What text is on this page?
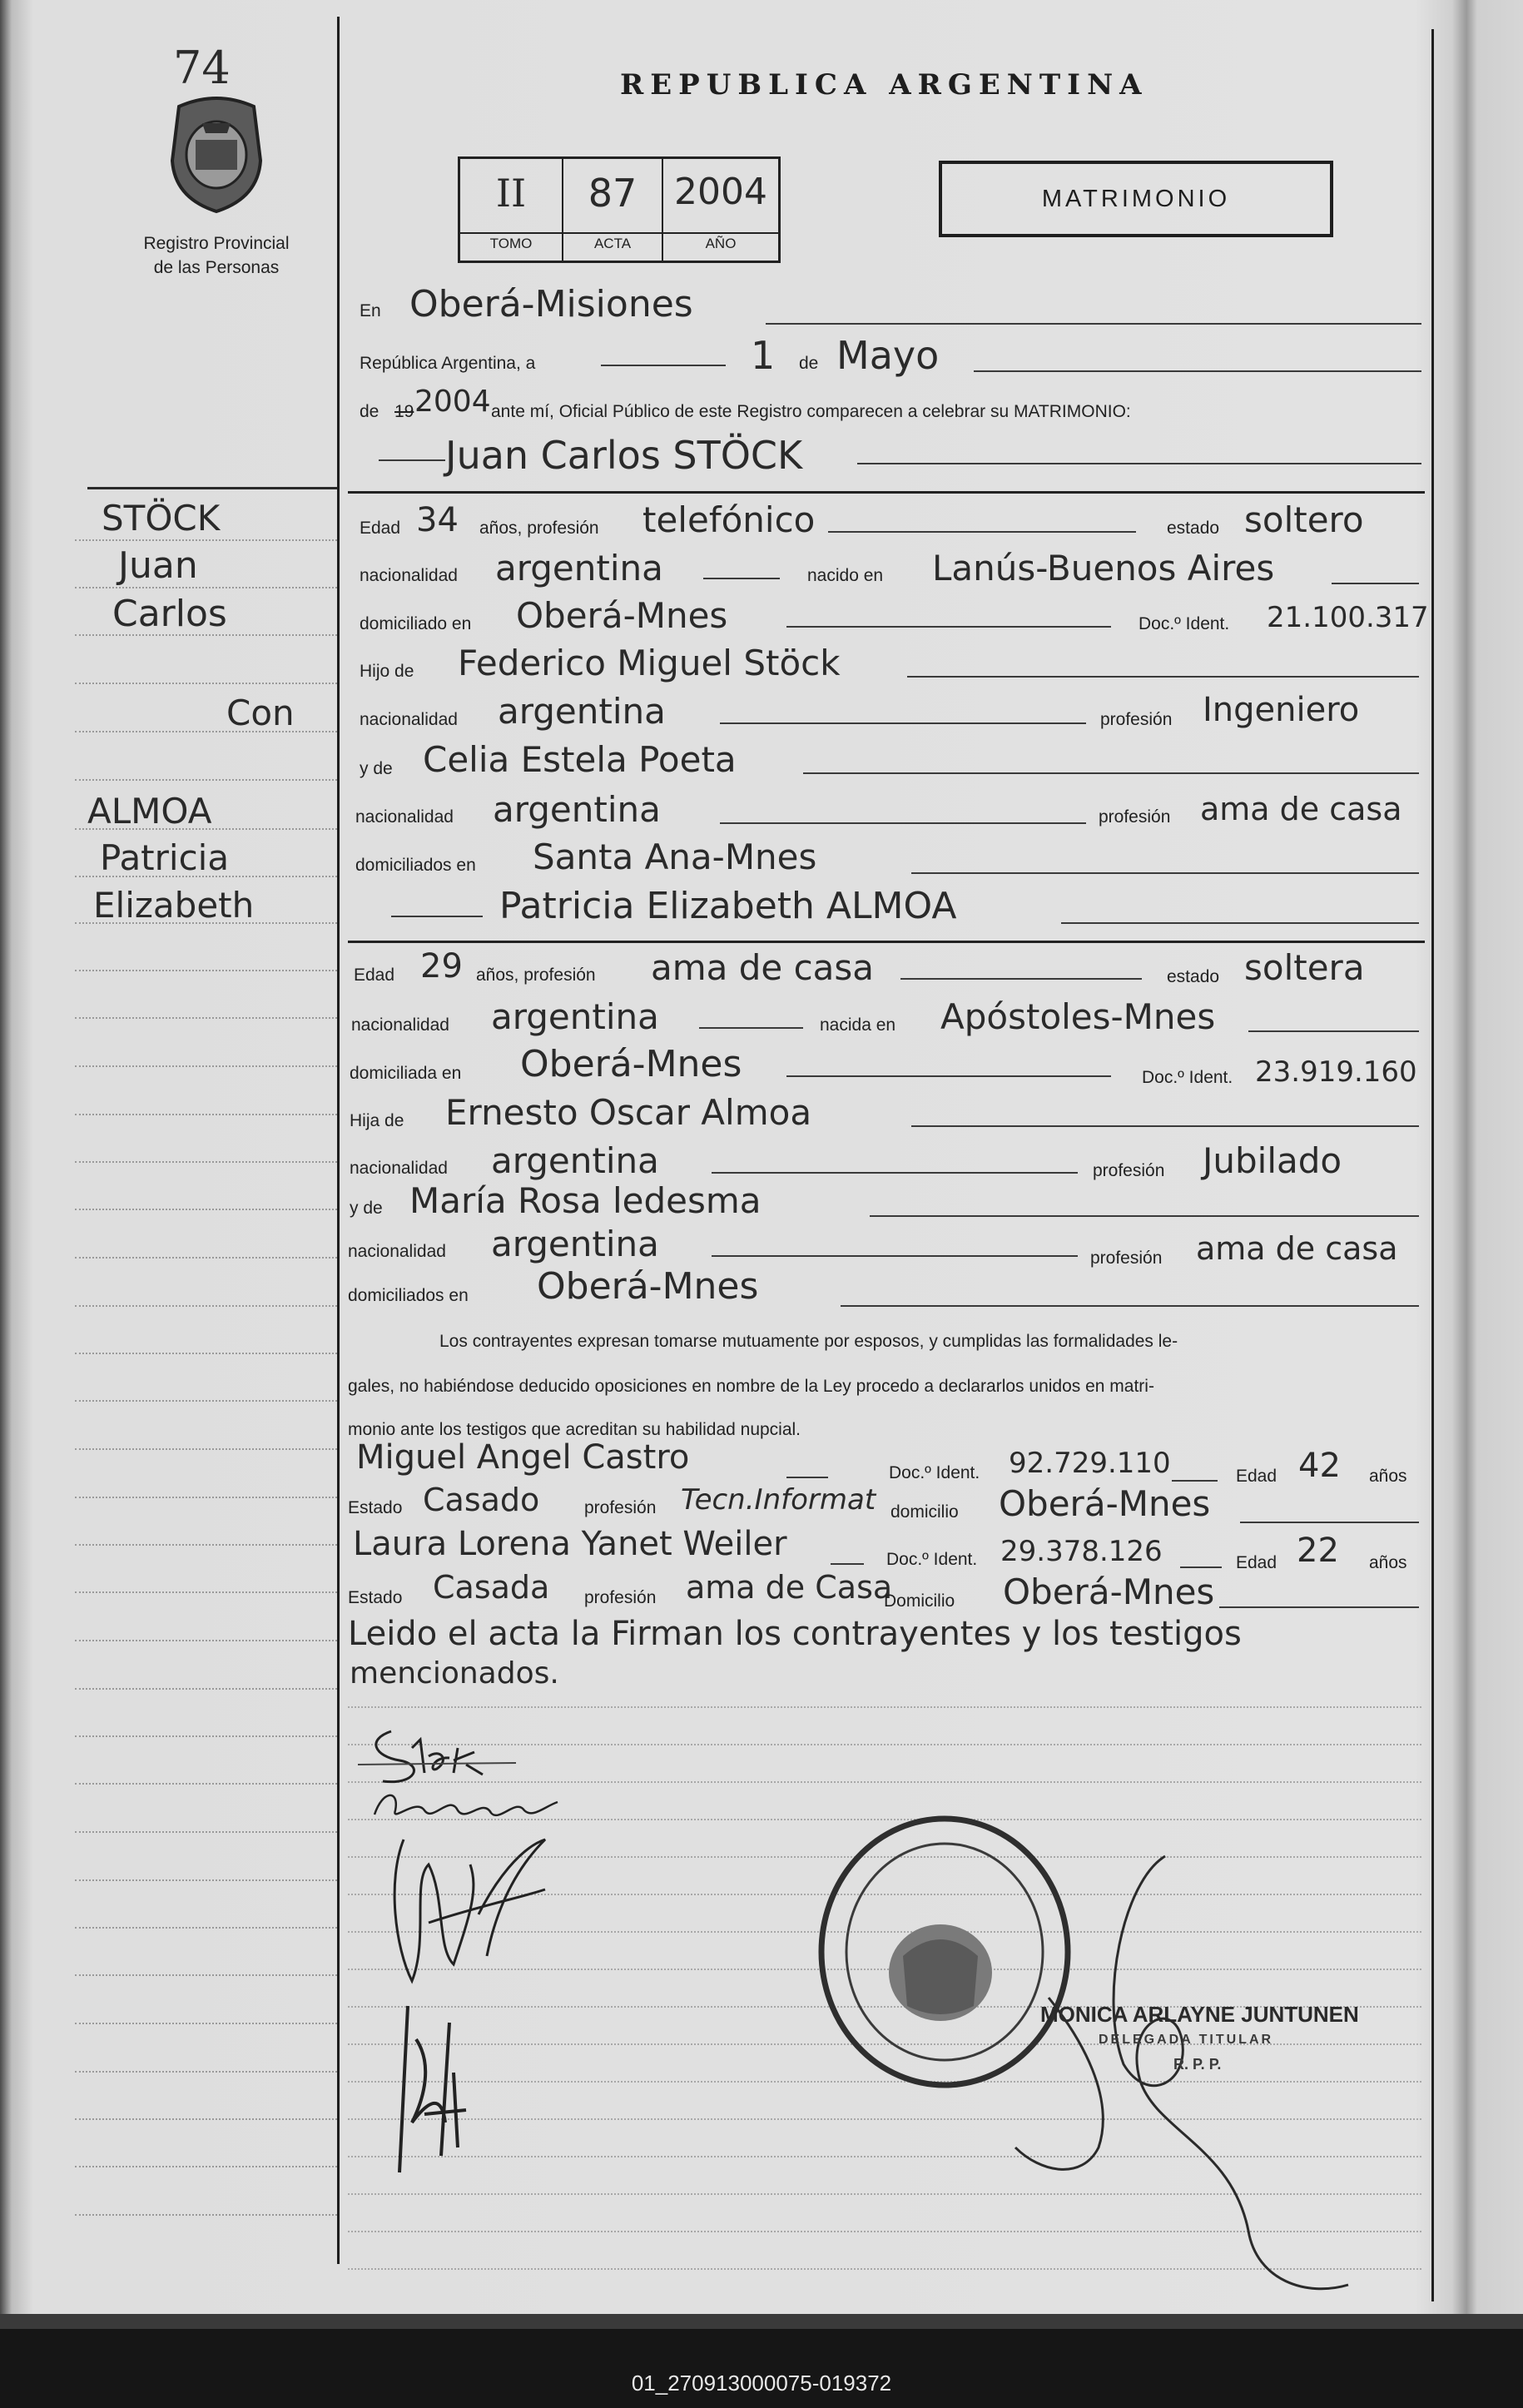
74
Registro Provincial
de las Personas
REPUBLICA ARGENTINA
II	87	2004
TOMO	ACTA	AÑO
MATRIMONIO
STÖCK
Juan
Carlos
Con
ALMOA
Patricia
Elizabeth
En Oberá-Misiones
República Argentina, a	1 de Mayo
de 19 2004 ante mí, Oficial Público de este Registro comparecen a celebrar su MATRIMONIO:
Juan Carlos STÖCK
Edad 34 años, profesión telefónico	estado soltero
nacionalidad argentina	nacido en Lanús-Buenos Aires
domiciliado en Oberá-Mnes	Doc.º Ident. 21.100.317
Hijo de Federico Miguel Stöck
nacionalidad argentina	profesión Ingeniero
y de Celia Estela Poeta
nacionalidad argentina	profesión ama de casa
domiciliados en Santa Ana-Mnes
Patricia Elizabeth ALMOA
Edad 29 años, profesión ama de casa	estado soltera
nacionalidad argentina	nacida en Apóstoles-Mnes
domiciliada en Oberá-Mnes	Doc.º Ident. 23.919.160
Hija de Ernesto Oscar Almoa
nacionalidad argentina	profesión Jubilado
y de María Rosa ledesma
nacionalidad argentina	profesión ama de casa
domiciliados en Oberá-Mnes
Los contrayentes expresan tomarse mutuamente por esposos, y cumplidas las formalidades le-
gales, no habiéndose deducido oposiciones en nombre de la Ley procedo a declararlos unidos en matri-
monio ante los testigos que acreditan su habilidad nupcial.
Miguel Angel Castro	Doc.º Ident. 92.729.110	Edad 42 años
Estado Casado	profesión Tecn.Informat domicilio Oberá-Mnes
Laura Lorena Yanet Weiler	Doc.º Ident. 29.378.126	Edad 22 años
Estado Casada profesión ama de Casa
Domicilio Oberá-Mnes
Leido el acta la Firman los contrayentes y los testigos
mencionados.
MONICA ARLAYNE JUNTUNEN
DELEGADA TITULAR
R. P. P.
01_270913000075-019372
